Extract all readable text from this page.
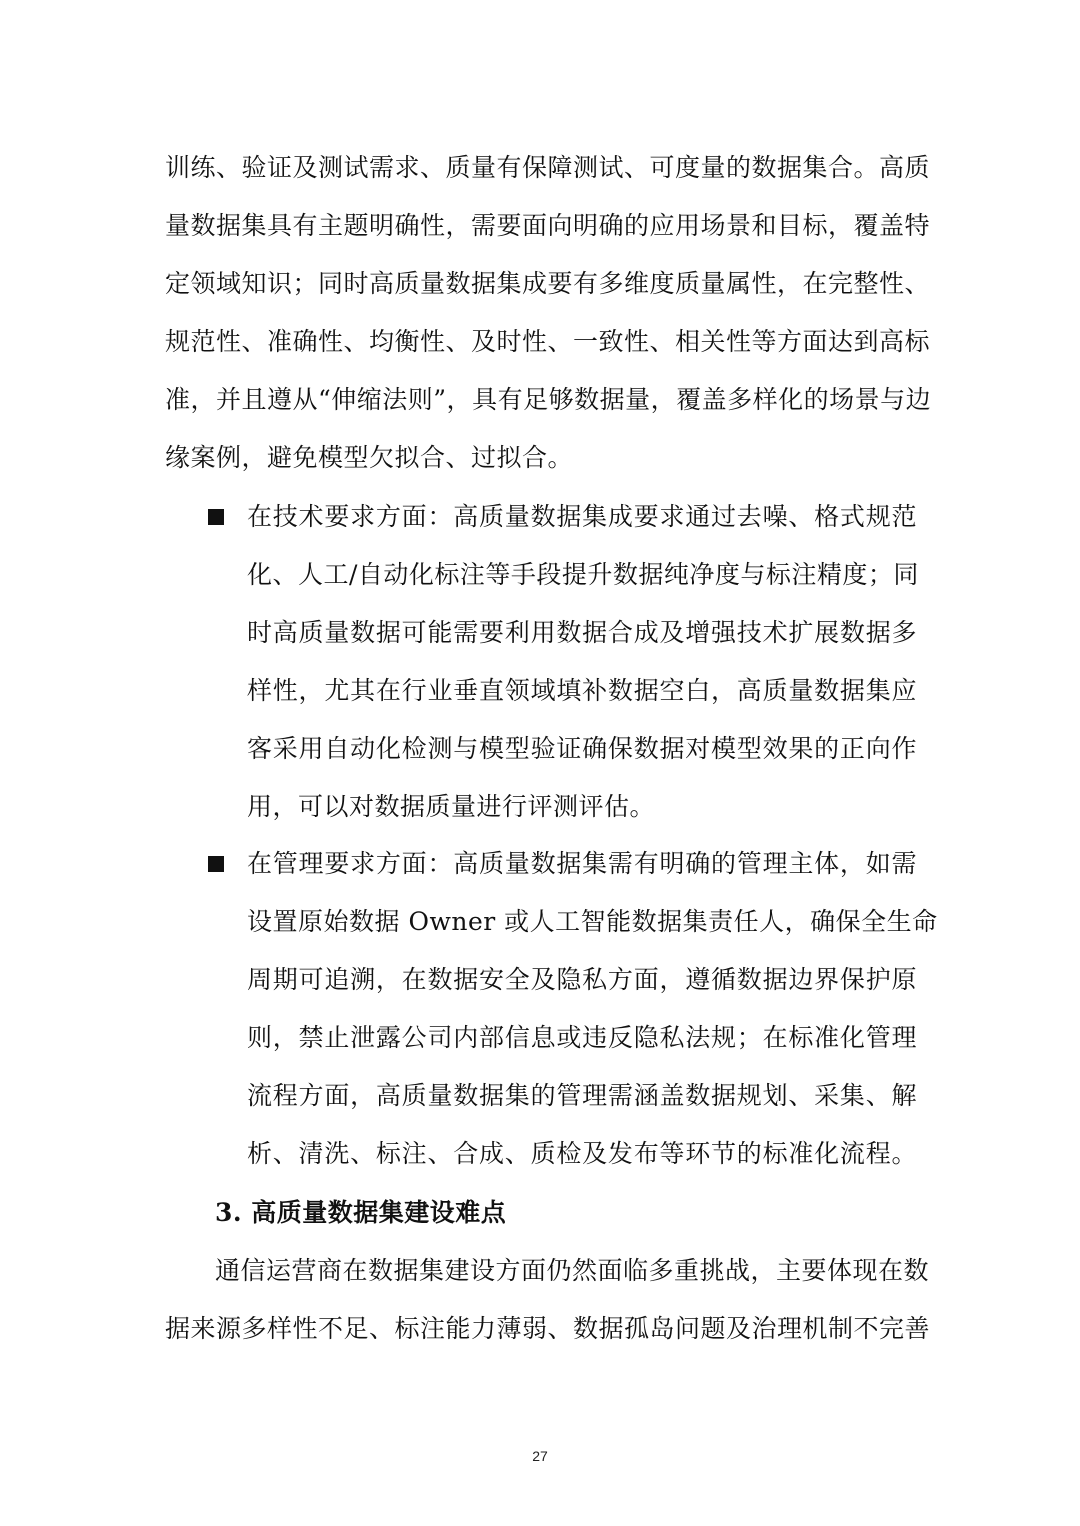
训练、验证及测试需求、质量有保障测试、可度量的数据集合。高质
量数据集具有主题明确性，需要面向明确的应用场景和目标，覆盖特
定领域知识；同时高质量数据集成要有多维度质量属性，在完整性、
规范性、准确性、均衡性、及时性、一致性、相关性等方面达到高标
准，并且遵从“伸缩法则”，具有足够数据量，覆盖多样化的场景与边
缘案例，避免模型欠拟合、过拟合。
在技术要求方面：高质量数据集成要求通过去噪、格式规范
化、人工/自动化标注等手段提升数据纯净度与标注精度；同
时高质量数据可能需要利用数据合成及增强技术扩展数据多
样性，尤其在行业垂直领域填补数据空白，高质量数据集应
客采用自动化检测与模型验证确保数据对模型效果的正向作
用，可以对数据质量进行评测评估。
在管理要求方面：高质量数据集需有明确的管理主体，如需
设置原始数据 Owner 或人工智能数据集责任人，确保全生命
周期可追溯，在数据安全及隐私方面，遵循数据边界保护原
则，禁止泄露公司内部信息或违反隐私法规；在标准化管理
流程方面，高质量数据集的管理需涵盖数据规划、采集、解
析、清洗、标注、合成、质检及发布等环节的标准化流程。
3. 高质量数据集建设难点
通信运营商在数据集建设方面仍然面临多重挑战，主要体现在数
据来源多样性不足、标注能力薄弱、数据孤岛问题及治理机制不完善
27
